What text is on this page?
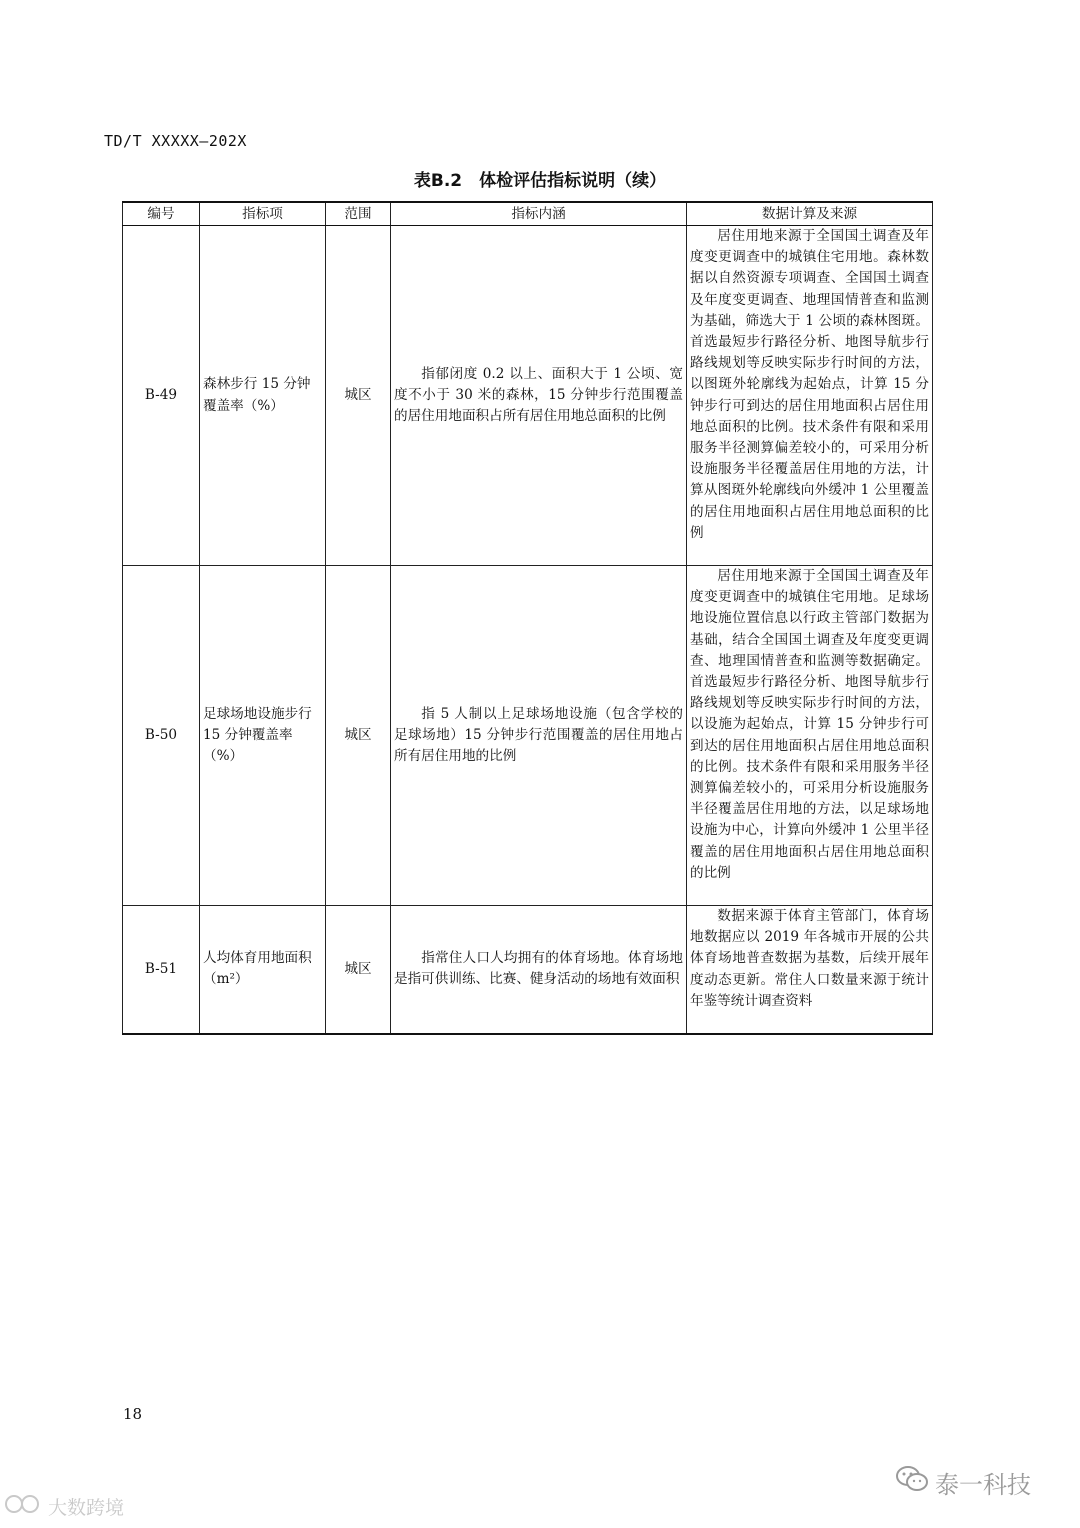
TD/T XXXXX—202X
表B.2　体检评估指标说明（续）
编号	指标项	范围	指标内涵	数据计算及来源
B-49	森林步行 15 分钟覆盖率（%）	城区	指郁闭度 0.2 以上、面积大于 1 公顷、宽度不小于 30 米的森林，15 分钟步行范围覆盖的居住用地面积占所有居住用地总面积的比例	居住用地来源于全国国土调查及年度变更调查中的城镇住宅用地。森林数据以自然资源专项调查、全国国土调查及年度变更调查、地理国情普查和监测为基础，筛选大于 1 公顷的森林图斑。首选最短步行路径分析、地图导航步行路线规划等反映实际步行时间的方法，以图斑外轮廓线为起始点，计算 15 分钟步行可到达的居住用地面积占居住用地总面积的比例。技术条件有限和采用服务半径测算偏差较小的，可采用分析设施服务半径覆盖居住用地的方法，计算从图斑外轮廓线向外缓冲 1 公里覆盖的居住用地面积占居住用地总面积的比例
B-50	足球场地设施步行 15 分钟覆盖率（%）	城区	指 5 人制以上足球场地设施（包含学校的足球场地）15 分钟步行范围覆盖的居住用地占所有居住用地的比例	居住用地来源于全国国土调查及年度变更调查中的城镇住宅用地。足球场地设施位置信息以行政主管部门数据为基础，结合全国国土调查及年度变更调查、地理国情普查和监测等数据确定。首选最短步行路径分析、地图导航步行路线规划等反映实际步行时间的方法，以设施为起始点，计算 15 分钟步行可到达的居住用地面积占居住用地总面积的比例。技术条件有限和采用服务半径测算偏差较小的，可采用分析设施服务半径覆盖居住用地的方法，以足球场地设施为中心，计算向外缓冲 1 公里半径覆盖的居住用地面积占居住用地总面积的比例
B-51	人均体育用地面积（m²）	城区	指常住人口人均拥有的体育场地。体育场地是指可供训练、比赛、健身活动的场地有效面积	数据来源于体育主管部门，体育场地数据应以 2019 年各城市开展的公共体育场地普查数据为基数，后续开展年度动态更新。常住人口数量来源于统计年鉴等统计调查资料
18
泰一科技
大数跨境
